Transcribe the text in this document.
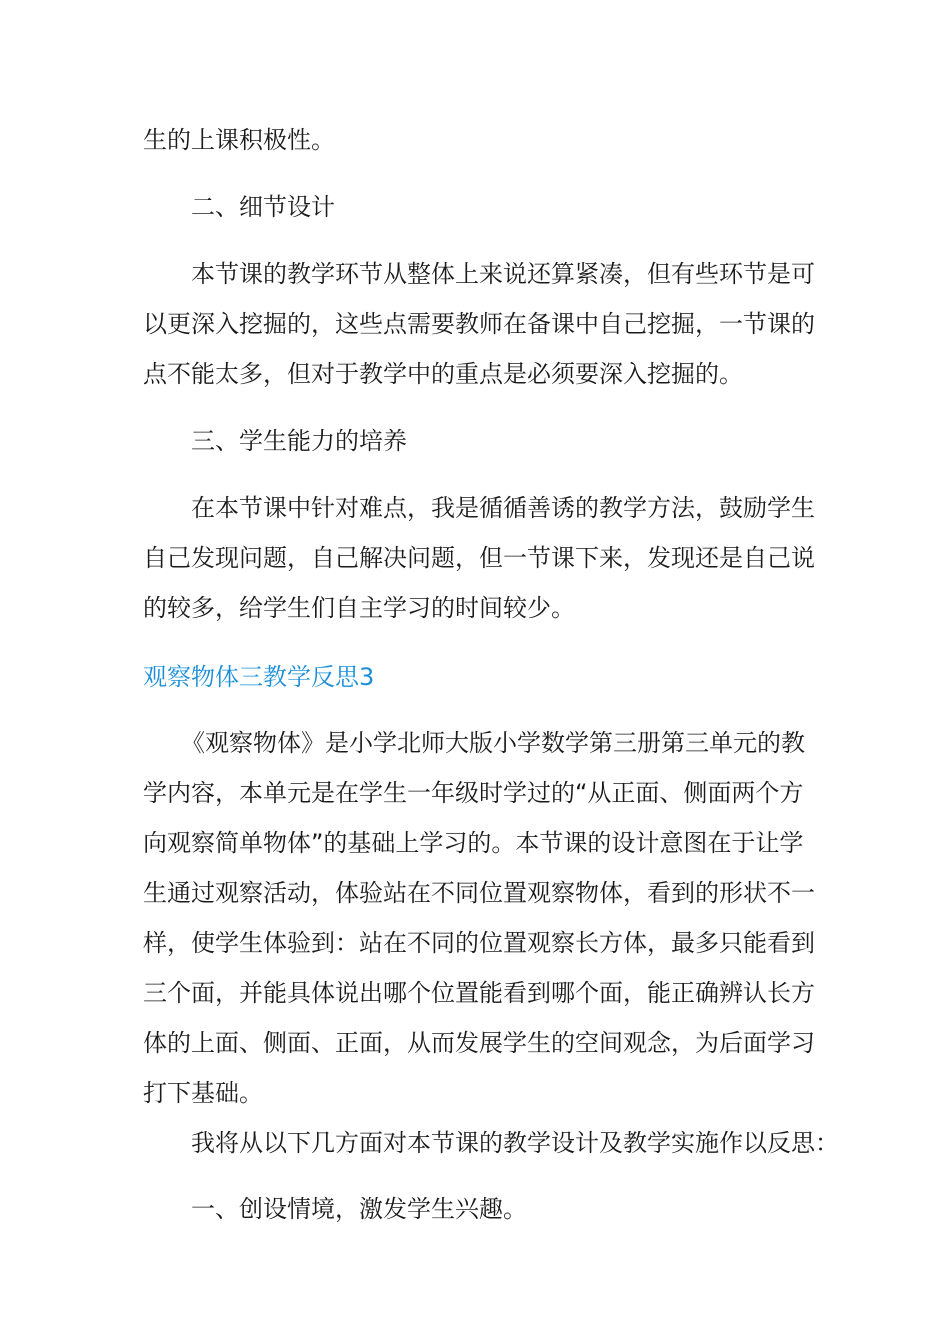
生的上课积极性。
二、细节设计
本节课的教学环节从整体上来说还算紧凑，但有些环节是可
以更深入挖掘的，这些点需要教师在备课中自己挖掘，一节课的
点不能太多，但对于教学中的重点是必须要深入挖掘的。
三、学生能力的培养
在本节课中针对难点，我是循循善诱的教学方法，鼓励学生
自己发现问题，自己解决问题，但一节课下来，发现还是自己说
的较多，给学生们自主学习的时间较少。
观察物体三教学反思3
《观察物体》是小学北师大版小学数学第三册第三单元的教
学内容，本单元是在学生一年级时学过的“从正面、侧面两个方
向观察简单物体”的基础上学习的。本节课的设计意图在于让学
生通过观察活动，体验站在不同位置观察物体，看到的形状不一
样，使学生体验到：站在不同的位置观察长方体，最多只能看到
三个面，并能具体说出哪个位置能看到哪个面，能正确辨认长方
体的上面、侧面、正面，从而发展学生的空间观念，为后面学习
打下基础。
我将从以下几方面对本节课的教学设计及教学实施作以反思：
一、创设情境，激发学生兴趣。
